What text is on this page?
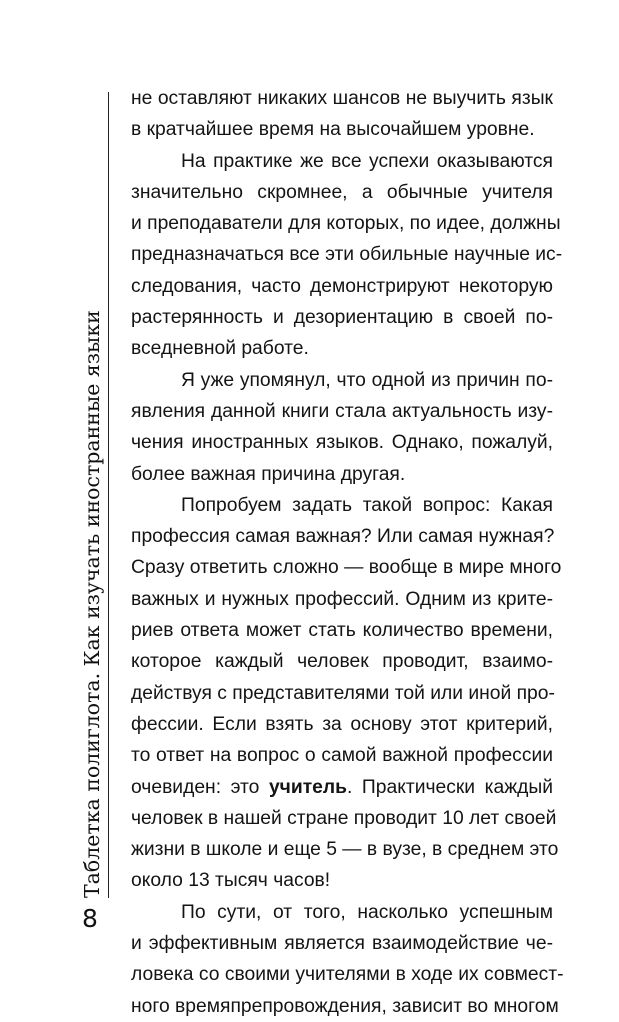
Таблетка полиглота. Как изучать иностранные языки
8
не оставляют никаких шансов не выучить язык
в кратчайшее время на высочайшем уровне.
На практике же все успехи оказываются
значительно скромнее, а обычные учителя
и преподаватели для которых, по идее, должны
предназначаться все эти обильные научные ис-
следования, часто демонстрируют некоторую
растерянность и дезориентацию в своей по-
вседневной работе.
Я уже упомянул, что одной из причин по-
явления данной книги стала актуальность изу-
чения иностранных языков. Однако, пожалуй,
более важная причина другая.
Попробуем задать такой вопрос: Какая
профессия самая важная? Или самая нужная?
Сразу ответить сложно — вообще в мире много
важных и нужных профессий. Одним из крите-
риев ответа может стать количество времени,
которое каждый человек проводит, взаимо-
действуя с представителями той или иной про-
фессии. Если взять за основу этот критерий,
то ответ на вопрос о самой важной профессии
очевиден: это учитель. Практически каждый
человек в нашей стране проводит 10 лет своей
жизни в школе и еще 5 — в вузе, в среднем это
около 13 тысяч часов!
По сути, от того, насколько успешным
и эффективным является взаимодействие че-
ловека со своими учителями в ходе их совмест-
ного времяпрепровождения, зависит во многом
